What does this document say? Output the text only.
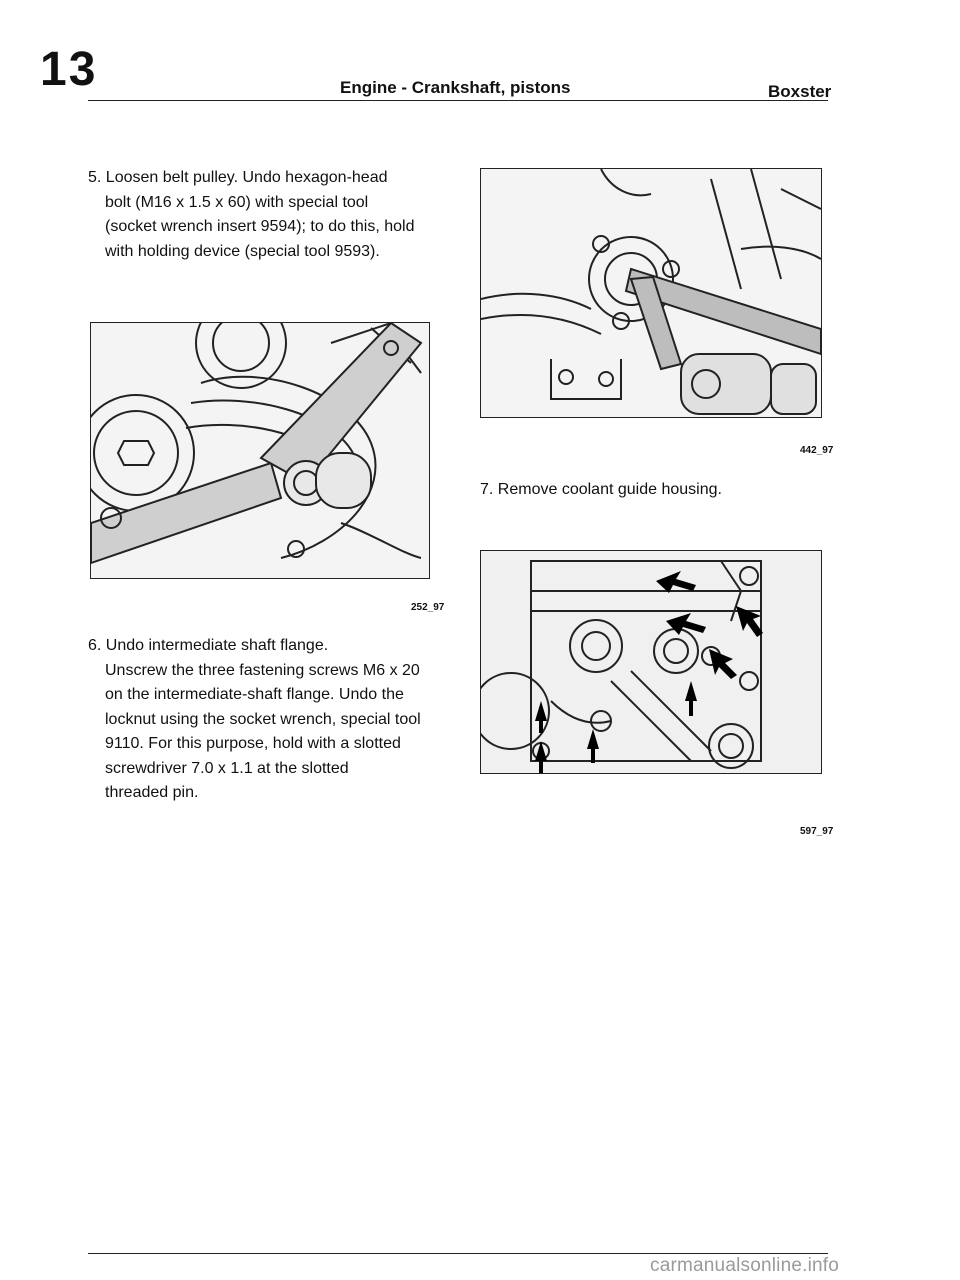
13	Engine - Crankshaft, pistons	Boxster
5. Loosen belt pulley. Undo hexagon-head
bolt (M16 x 1.5 x 60) with special tool
(socket wrench insert 9594); to do this, hold
with holding device (special tool 9593).
252_97
6. Undo intermediate shaft flange.
Unscrew the three fastening screws M6 x 20
on the intermediate-shaft flange. Undo the
locknut using the socket wrench, special tool
9110. For this purpose, hold with a slotted
screwdriver 7.0 x 1.1 at the slotted
threaded pin.
442_97
7. Remove coolant guide housing.
597_97
carmanualsonline.info
